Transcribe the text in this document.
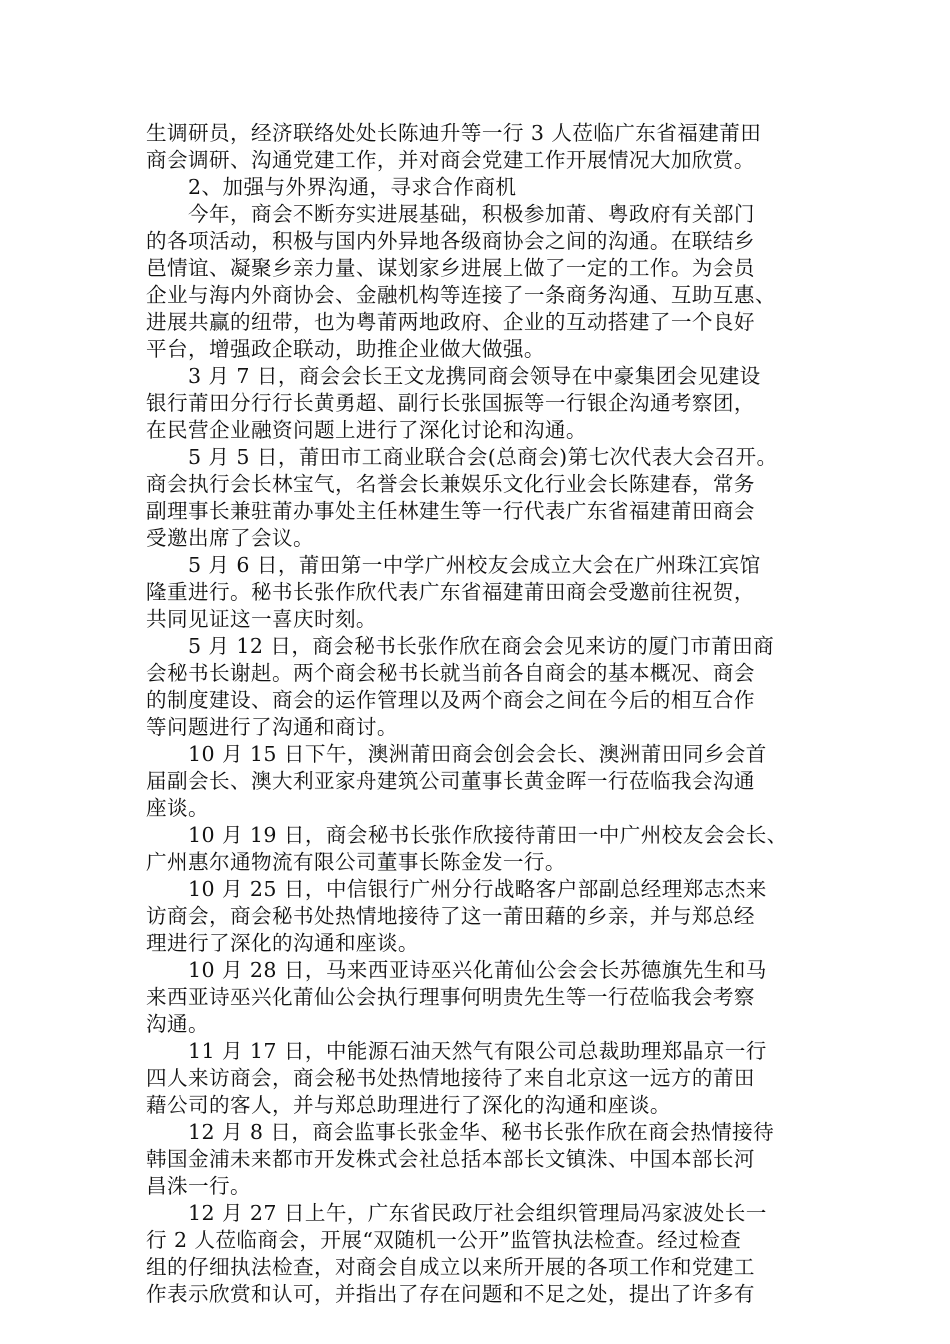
生调研员，经济联络处处长陈迪升等一行 3 人莅临广东省福建莆田
商会调研、沟通党建工作，并对商会党建工作开展情况大加欣赏。
　　2、加强与外界沟通，寻求合作商机
　　今年，商会不断夯实进展基础，积极参加莆、粤政府有关部门
的各项活动，积极与国内外异地各级商协会之间的沟通。在联结乡
邑情谊、凝聚乡亲力量、谋划家乡进展上做了一定的工作。为会员
企业与海内外商协会、金融机构等连接了一条商务沟通、互助互惠、
进展共赢的纽带，也为粤莆两地政府、企业的互动搭建了一个良好
平台，增强政企联动，助推企业做大做强。
　　3 月 7 日，商会会长王文龙携同商会领导在中豪集团会见建设
银行莆田分行行长黄勇超、副行长张国振等一行银企沟通考察团，
在民营企业融资问题上进行了深化讨论和沟通。
　　5 月 5 日，莆田市工商业联合会(总商会)第七次代表大会召开。
商会执行会长林宝气，名誉会长兼娱乐文化行业会长陈建春，常务
副理事长兼驻莆办事处主任林建生等一行代表广东省福建莆田商会
受邀出席了会议。
　　5 月 6 日，莆田第一中学广州校友会成立大会在广州珠江宾馆
隆重进行。秘书长张作欣代表广东省福建莆田商会受邀前往祝贺，
共同见证这一喜庆时刻。
　　5 月 12 日，商会秘书长张作欣在商会会见来访的厦门市莆田商
会秘书长谢赳。两个商会秘书长就当前各自商会的基本概况、商会
的制度建设、商会的运作管理以及两个商会之间在今后的相互合作
等问题进行了沟通和商讨。
　　10 月 15 日下午，澳洲莆田商会创会会长、澳洲莆田同乡会首
届副会长、澳大利亚家舟建筑公司董事长黄金晖一行莅临我会沟通
座谈。
　　10 月 19 日，商会秘书长张作欣接待莆田一中广州校友会会长、
广州惠尔通物流有限公司董事长陈金发一行。
　　10 月 25 日，中信银行广州分行战略客户部副总经理郑志杰来
访商会，商会秘书处热情地接待了这一莆田藉的乡亲，并与郑总经
理进行了深化的沟通和座谈。
　　10 月 28 日，马来西亚诗巫兴化莆仙公会会长苏德旗先生和马
来西亚诗巫兴化莆仙公会执行理事何明贵先生等一行莅临我会考察
沟通。
　　11 月 17 日，中能源石油天然气有限公司总裁助理郑晶京一行
四人来访商会，商会秘书处热情地接待了来自北京这一远方的莆田
藉公司的客人，并与郑总助理进行了深化的沟通和座谈。
　　12 月 8 日，商会监事长张金华、秘书长张作欣在商会热情接待
韩国金浦未来都市开发株式会社总括本部长文镇洙、中国本部长河
昌洙一行。
　　12 月 27 日上午，广东省民政厅社会组织管理局冯家波处长一
行 2 人莅临商会，开展“双随机一公开”监管执法检查。经过检查
组的仔细执法检查，对商会自成立以来所开展的各项工作和党建工
作表示欣赏和认可，并指出了存在问题和不足之处，提出了许多有
